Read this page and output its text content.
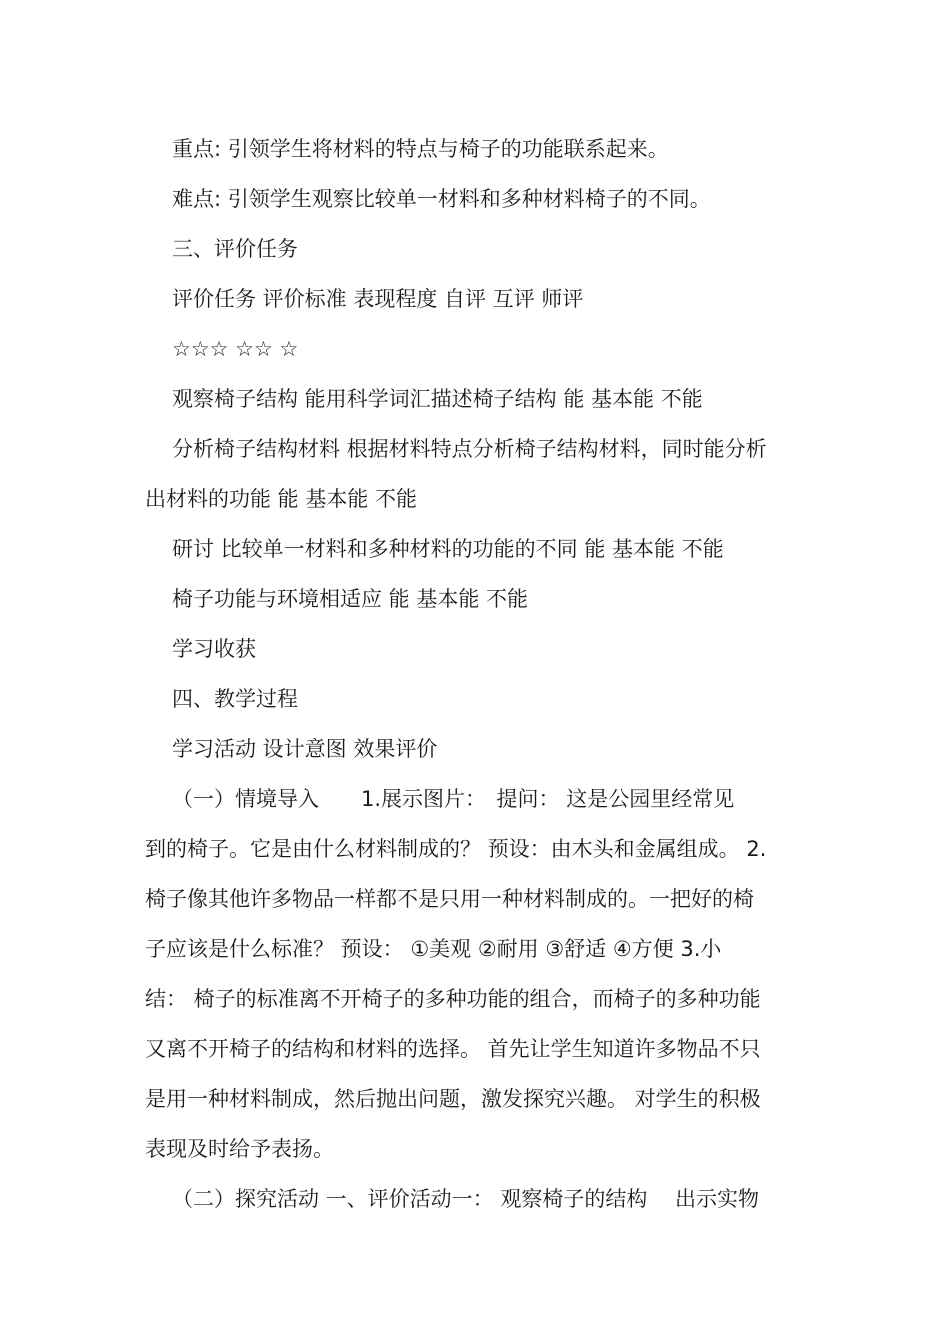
重点: 引领学生将材料的特点与椅子的功能联系起来。
难点: 引领学生观察比较单一材料和多种材料椅子的不同。
三、评价任务
评价任务 评价标准 表现程度 自评 互评 师评
☆☆☆ ☆☆ ☆
观察椅子结构 能用科学词汇描述椅子结构 能 基本能 不能
分析椅子结构材料 根据材料特点分析椅子结构材料，同时能分析
出材料的功能 能 基本能 不能
研讨 比较单一材料和多种材料的功能的不同 能 基本能 不能
椅子功能与环境相适应 能 基本能 不能
学习收获
四、教学过程
学习活动 设计意图 效果评价
（一）情境导入　　1.展示图片：　提问： 这是公园里经常见
到的椅子。它是由什么材料制成的？ 预设：由木头和金属组成。 2.
椅子像其他许多物品一样都不是只用一种材料制成的。一把好的椅
子应该是什么标准？ 预设： ①美观 ②耐用 ③舒适 ④方便 3.小
结： 椅子的标准离不开椅子的多种功能的组合，而椅子的多种功能
又离不开椅子的结构和材料的选择。 首先让学生知道许多物品不只
是用一种材料制成，然后抛出问题，激发探究兴趣。 对学生的积极
表现及时给予表扬。
（二）探究活动 一、评价活动一： 观察椅子的结构　 出示实物
